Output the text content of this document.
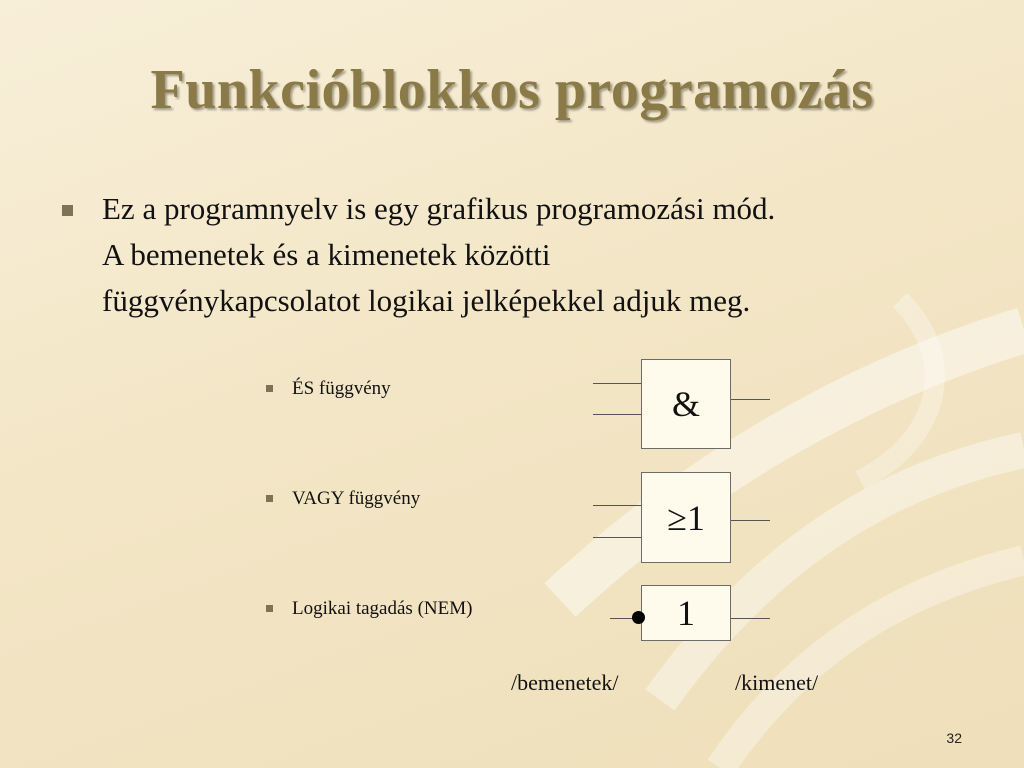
Funkcióblokkos programozás
Ez a programnyelv is egy grafikus programozási mód.
A bemenetek és a kimenetek közötti
függvénykapcsolatot logikai jelképekkel adjuk meg.
ÉS függvény
VAGY függvény
Logikai tagadás (NEM)
&
≥1
1
/bemenetek/	/kimenet/
32
